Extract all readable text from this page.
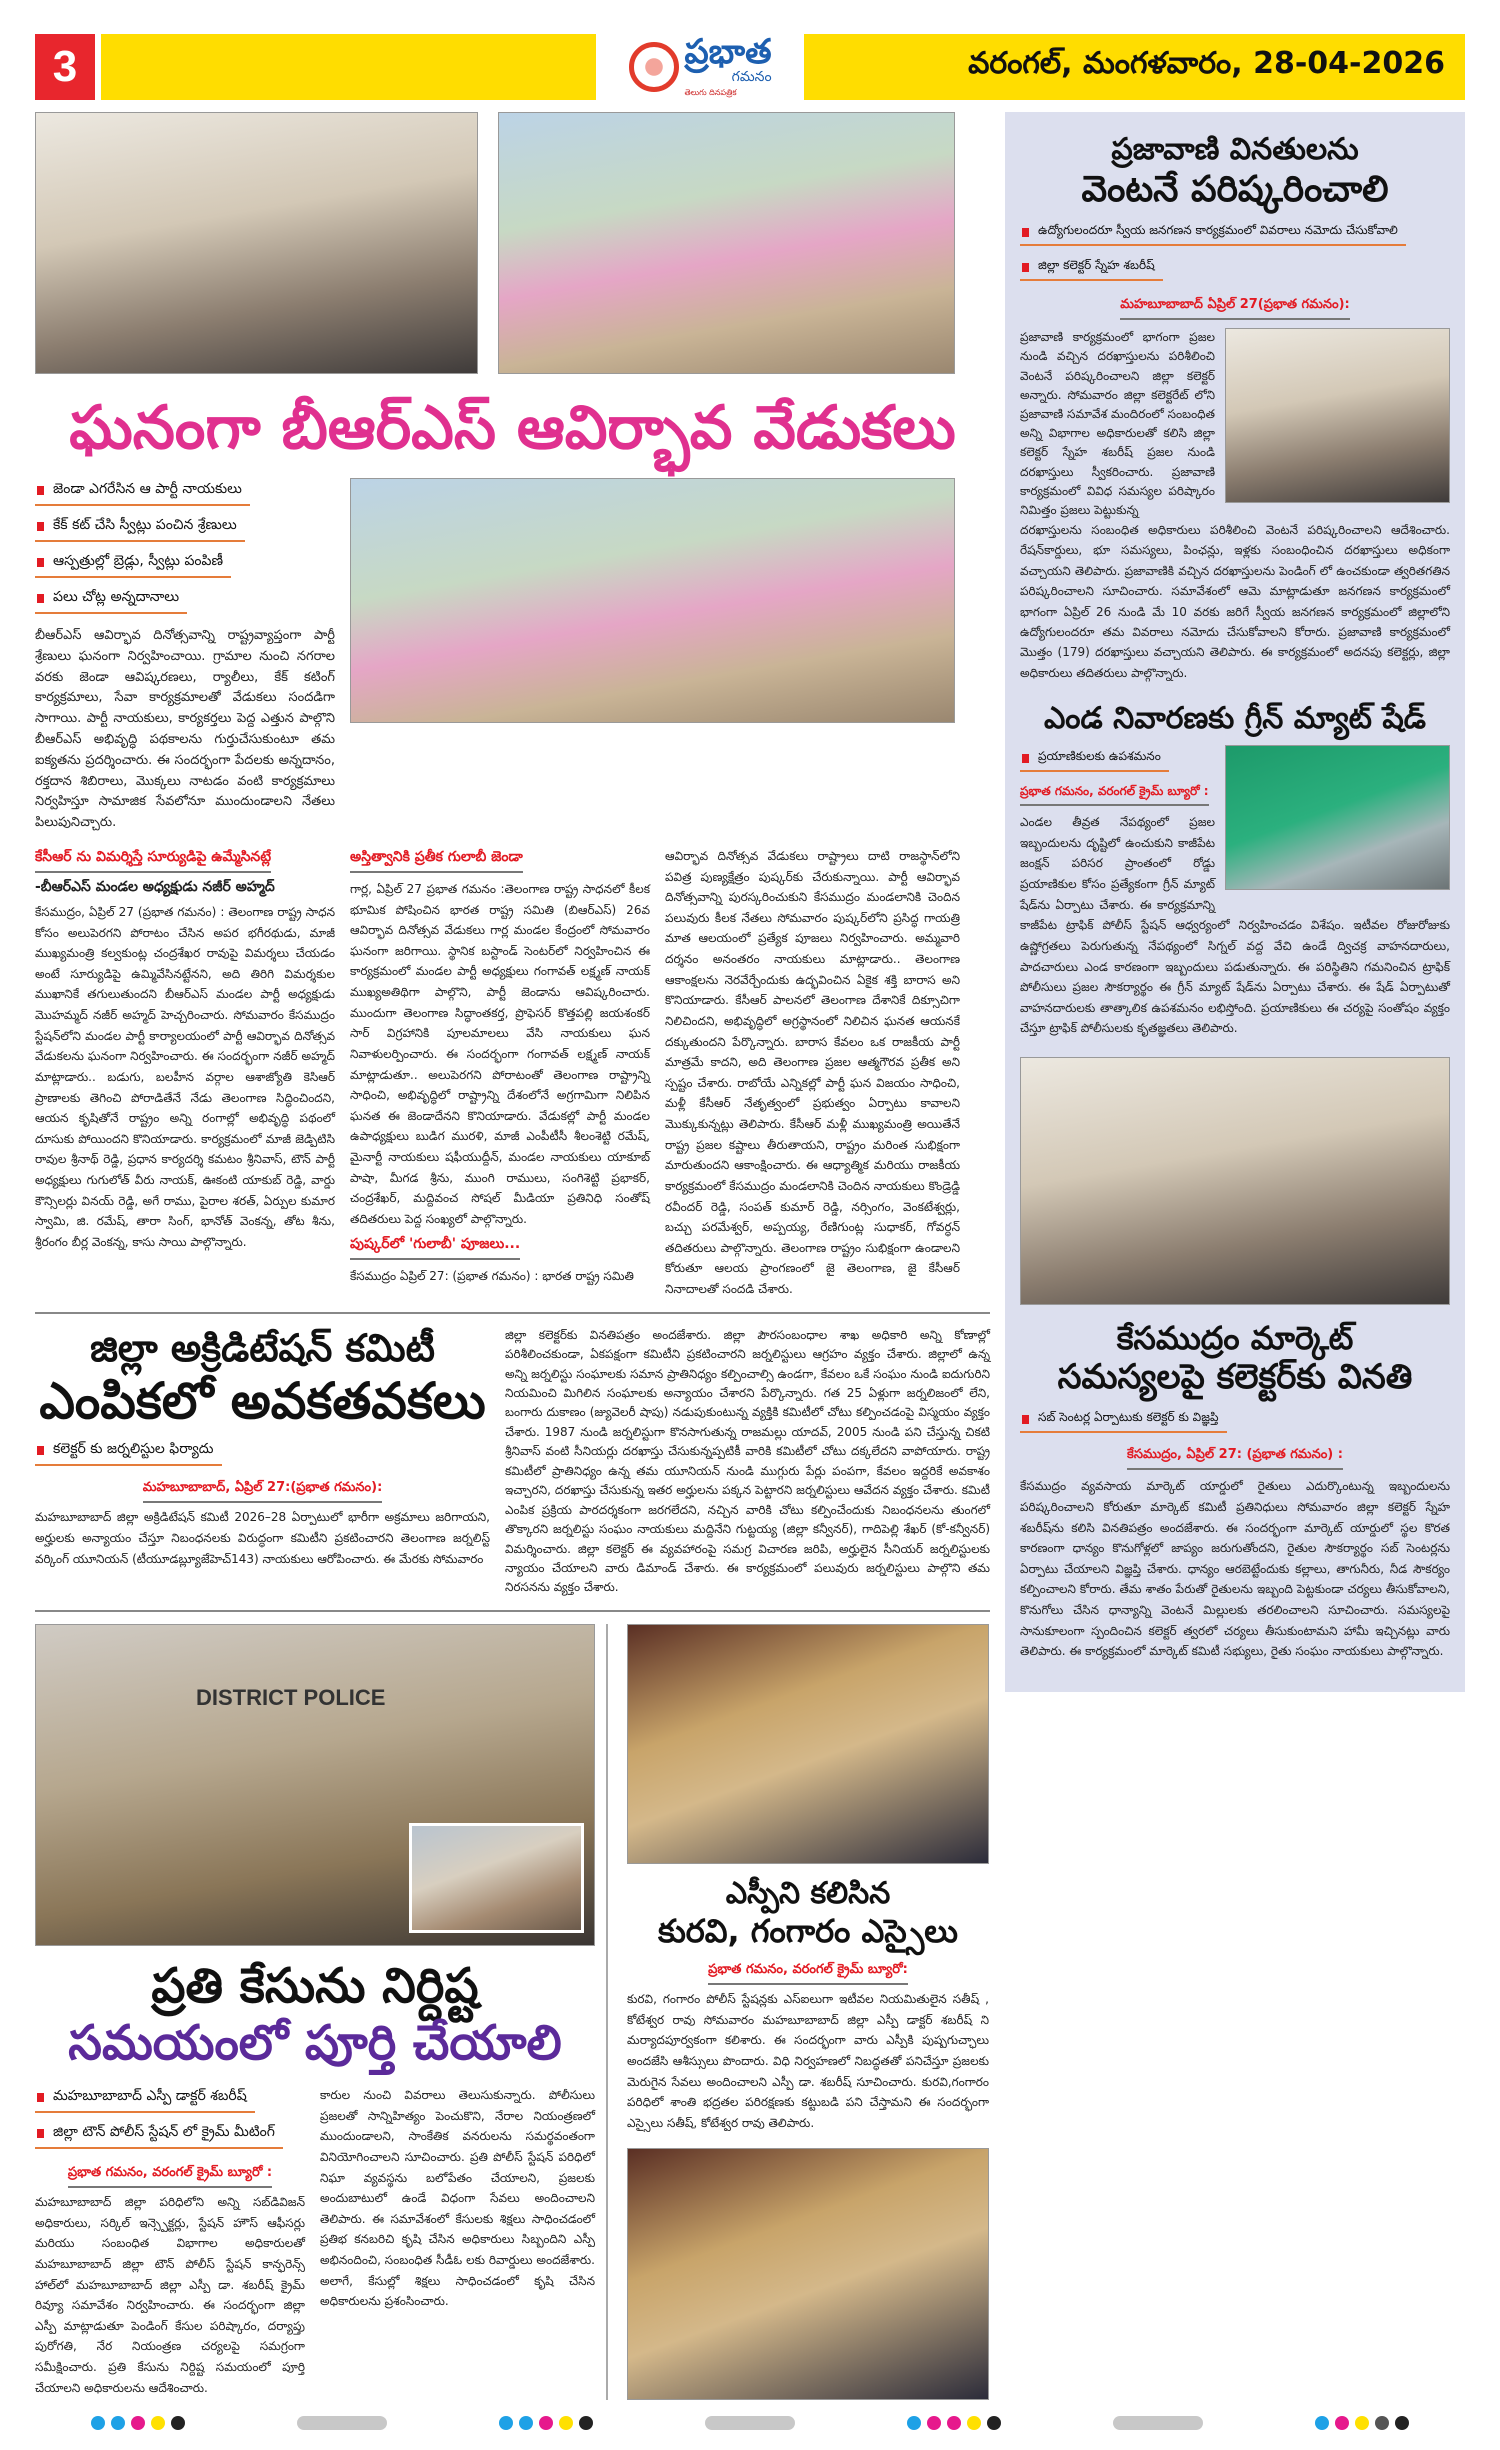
3	ప్రభాత
గమనం
తెలుగు దినపత్రిక
వరంగల్, మంగళవారం, 28-04-2026
ఘనంగా బీఆర్ఎస్ ఆవిర్భావ వేడుకలు
జెండా ఎగరేసిన ఆ పార్టీ నాయకులు
కేక్ కట్ చేసి స్వీట్లు పంచిన శ్రేణులు
ఆస్పత్రుల్లో బ్రెడ్లు, స్వీట్లు పంపిణీ
పలు చోట్ల అన్నదానాలు
బీఆర్ఎస్ ఆవిర్భావ దినోత్సవాన్ని రాష్ట్రవ్యాప్తంగా పార్టీ శ్రేణులు ఘనంగా నిర్వహించాయి. గ్రామాల నుంచి నగరాల వరకు జెండా ఆవిష్కరణలు, ర్యాలీలు, కేక్ కటింగ్ కార్యక్రమాలు, సేవా కార్యక్రమాలతో వేడుకలు సందడిగా సాగాయి. పార్టీ నాయకులు, కార్యకర్తలు పెద్ద ఎత్తున పాల్గొని బీఆర్ఎస్ అభివృద్ధి పథకాలను గుర్తుచేసుకుంటూ తమ ఐక్యతను ప్రదర్శించారు. ఈ సందర్భంగా పేదలకు అన్నదానం, రక్తదాన శిబిరాలు, మొక్కలు నాటడం వంటి కార్యక్రమాలు నిర్వహిస్తూ సామాజిక సేవలోనూ ముందుండాలని నేతలు పిలుపునిచ్చారు.
కేసీఆర్ ను విమర్శిస్తే సూర్యుడిపై ఉమ్మేసినట్లే
-బీఆర్ఎస్ మండల అధ్యక్షుడు నజీర్ అహ్మద్
కేసముద్రం, ఏప్రిల్ 27 (ప్రభాత గమనం) : తెలంగాణ రాష్ట్ర సాధన కోసం అలుపెరగని పోరాటం చేసిన అపర భగీరథుడు, మాజీ ముఖ్యమంత్రి కల్వకుంట్ల చంద్రశేఖర రావుపై విమర్శలు చేయడం అంటే సూర్యుడిపై ఉమ్మివేసినట్టేనని, అది తిరిగి విమర్శకుల ముఖానికే తగులుతుందని బీఆర్ఎస్ మండల పార్టీ అధ్యక్షుడు మొహమ్మద్ నజీర్ అహ్మద్ హెచ్చరించారు. సోమవారం కేసముద్రం స్టేషన్‌లోని మండల పార్టీ కార్యాలయంలో పార్టీ ఆవిర్భావ దినోత్సవ వేడుకలను ఘనంగా నిర్వహించారు. ఈ సందర్భంగా నజీర్ అహ్మద్ మాట్లాడారు.. బడుగు, బలహీన వర్గాల ఆశాజ్యోతి కెసిఆర్ ప్రాణాలకు తెగించి పోరాడితేనే నేడు తెలంగాణ సిద్ధించిందని, ఆయన కృషితోనే రాష్ట్రం అన్ని రంగాల్లో అభివృద్ధి పథంలో దూసుకు పోయిందని కొనియాడారు. కార్యక్రమంలో మాజీ జెడ్పిటిసి రావుల శ్రీనాథ్ రెడ్డి, ప్రధాన కార్యదర్శి కమటం శ్రీనివాస్, టౌన్ పార్టీ అధ్యక్షులు గుగులోత్ వీరు నాయక్, ఊకంటి యాకుబ్ రెడ్డి, వార్డు కౌన్సిలర్లు వినయ్ రెడ్డి, అగే రాము, పైరాల శరత్, ఏర్పుల కుమార స్వామి, జి. రమేష్, తారా సింగ్, భానోత్ వెంకన్న, తోట శీను, శ్రీరంగం బీర్ల వెంకన్న, కాసు సాయి పాల్గొన్నారు.
అస్తిత్వానికి ప్రతీక గులాబీ జెండా
గార్ల, ఏప్రిల్ 27 ప్రభాత గమనం :తెలంగాణ రాష్ట్ర సాధనలో కీలక భూమిక పోషించిన భారత రాష్ట్ర సమితి (బిఆర్ఎస్) 26వ ఆవిర్భావ దినోత్సవ వేడుకలు గార్ల మండల కేంద్రంలో సోమవారం ఘనంగా జరిగాయి. స్థానిక బస్టాండ్ సెంటర్‌లో నిర్వహించిన ఈ కార్యక్రమంలో మండల పార్టీ అధ్యక్షులు గంగావత్ లక్ష్మణ్ నాయక్ ముఖ్యఅతిథిగా పాల్గొని, పార్టీ జెండాను ఆవిష్కరించారు. ముందుగా తెలంగాణ సిద్ధాంతకర్త, ప్రొఫెసర్ కొత్తపల్లి జయశంకర్ సార్ విగ్రహానికి పూలమాలలు వేసి నాయకులు ఘన నివాళులర్పించారు. ఈ సందర్భంగా గంగావత్ లక్ష్మణ్ నాయక్ మాట్లాడుతూ.. అలుపెరగని పోరాటంతో తెలంగాణ రాష్ట్రాన్ని సాధించి, అభివృద్ధిలో రాష్ట్రాన్ని దేశంలోనే అగ్రగామిగా నిలిపిన ఘనత ఈ జెండాదేనని కొనియాడారు. వేడుకల్లో పార్టీ మండల ఉపాధ్యక్షులు బుడిగ మురళి, మాజీ ఎంపీటీసీ శీలంశెట్టి రమేష్, మైనార్టీ నాయకులు షఫీయుద్దీన్, మండల నాయకులు యాకూబ్ పాషా, మీగడ శ్రీను, ముంగి రాములు, సంగిశెట్టి ప్రభాకర్, చంద్రశేఖర్, మద్దివంచ సోషల్ మీడియా ప్రతినిధి సంతోష్ తదితరులు పెద్ద సంఖ్యలో పాల్గొన్నారు.
పుష్కర్‌లో 'గులాబీ' పూజలు...
కేసముద్రం ఏప్రిల్ 27: (ప్రభాత గమనం) : భారత రాష్ట్ర సమితి
ఆవిర్భావ దినోత్సవ వేడుకలు రాష్ట్రాలు దాటి రాజస్థాన్‌లోని పవిత్ర పుణ్యక్షేత్రం పుష్కర్‌కు చేరుకున్నాయి. పార్టీ ఆవిర్భావ దినోత్సవాన్ని పురస్కరించుకుని కేసముద్రం మండలానికి చెందిన పలువురు కీలక నేతలు సోమవారం పుష్కర్‌లోని ప్రసిద్ధ గాయత్రి మాత ఆలయంలో ప్రత్యేక పూజలు నిర్వహించారు. అమ్మవారి దర్శనం అనంతరం నాయకులు మాట్లాడారు.. తెలంగాణ ఆకాంక్షలను నెరవేర్చేందుకు ఉద్భవించిన ఏకైక శక్తి బారాస అని కొనియాడారు. కేసీఆర్ పాలనలో తెలంగాణ దేశానికే దిక్సూచిగా నిలిచిందని, అభివృద్ధిలో అగ్రస్థానంలో నిలిచిన ఘనత ఆయనకే దక్కుతుందని పేర్కొన్నారు. బారాస కేవలం ఒక రాజకీయ పార్టీ మాత్రమే కాదని, అది తెలంగాణ ప్రజల ఆత్మగౌరవ ప్రతీక అని స్పష్టం చేశారు. రాబోయే ఎన్నికల్లో పార్టీ ఘన విజయం సాధించి, మళ్లీ కేసీఆర్ నేతృత్వంలో ప్రభుత్వం ఏర్పాటు కావాలని మొక్కుకున్నట్లు తెలిపారు. కేసీఆర్ మళ్లీ ముఖ్యమంత్రి అయితేనే రాష్ట్ర ప్రజల కష్టాలు తీరుతాయని, రాష్ట్రం మరింత సుభిక్షంగా మారుతుందని ఆకాంక్షించారు. ఈ ఆధ్యాత్మిక మరియు రాజకీయ కార్యక్రమంలో కేసముద్రం మండలానికి చెందిన నాయకులు కొండ్రెడ్డి రవీందర్ రెడ్డి, సంపత్ కుమార్ రెడ్డి, నర్సింగం, వెంకటేశ్వర్లు, బచ్చు పరమేశ్వర్, అప్పయ్య, రేణిగుంట్ల సుధాకర్, గోవర్ధన్ తదితరులు పాల్గొన్నారు. తెలంగాణ రాష్ట్రం సుభిక్షంగా ఉండాలని కోరుతూ ఆలయ ప్రాంగణంలో జై తెలంగాణ, జై కేసీఆర్ నినాదాలతో సందడి చేశారు.
జిల్లా అక్రిడిటేషన్ కమిటీ
ఎంపికలో అవకతవకలు
కలెక్టర్ కు జర్నలిస్టుల ఫిర్యాదు
మహబూబాబాద్, ఏప్రిల్ 27:(ప్రభాత గమనం):
మహబూబాబాద్ జిల్లా అక్రిడిటేషన్ కమిటీ 2026–28 ఏర్పాటులో భారీగా అక్రమాలు జరిగాయని, అర్హులకు అన్యాయం చేస్తూ నిబంధనలకు విరుద్ధంగా కమిటీని ప్రకటించారని తెలంగాణ జర్నలిస్ట్ వర్కింగ్ యూనియన్ (టీయూడబ్ల్యూజేహెచ్143) నాయకులు ఆరోపించారు. ఈ మేరకు సోమవారం
జిల్లా కలెక్టర్‌కు వినతిపత్రం అందజేశారు. జిల్లా పౌరసంబంధాల శాఖ అధికారి అన్ని కోణాల్లో పరిశీలించకుండా, ఏకపక్షంగా కమిటీని ప్రకటించారని జర్నలిస్టులు ఆగ్రహం వ్యక్తం చేశారు. జిల్లాలో ఉన్న అన్ని జర్నలిస్టు సంఘాలకు సమాన ప్రాతినిధ్యం కల్పించాల్సి ఉండగా, కేవలం ఒకే సంఘం నుండి ఐదుగురిని నియమించి మిగిలిన సంఘాలకు అన్యాయం చేశారని పేర్కొన్నారు. గత 25 ఏళ్లుగా జర్నలిజంలో లేని, బంగారు దుకాణం (జ్యువెలరీ షాపు) నడుపుకుంటున్న వ్యక్తికి కమిటీలో చోటు కల్పించడంపై విస్మయం వ్యక్తం చేశారు. 1987 నుండి జర్నలిస్టుగా కొనసాగుతున్న రాజమల్లు యాదవ్, 2005 నుండి పని చేస్తున్న చికటి శ్రీనివాస్ వంటి సీనియర్లు దరఖాస్తు చేసుకున్నప్పటికీ వారికి కమిటీలో చోటు దక్కలేదని వాపోయారు. రాష్ట్ర కమిటీలో ప్రాతినిధ్యం ఉన్న తమ యూనియన్ నుండి ముగ్గురు పేర్లు పంపగా, కేవలం ఇద్దరికే అవకాశం ఇచ్చారని, దరఖాస్తు చేసుకున్న ఇతర అర్హులను పక్కన పెట్టారని జర్నలిస్టులు ఆవేదన వ్యక్తం చేశారు. కమిటీ ఎంపిక ప్రక్రియ పారదర్శకంగా జరగలేదని, నచ్చిన వారికి చోటు కల్పించేందుకు నిబంధనలను తుంగలో తొక్కారని జర్నలిస్టు సంఘం నాయకులు మద్దినేని గుట్టయ్య (జిల్లా కన్వీనర్), గాదిపెల్లి శేఖర్ (కో-కన్వీనర్) విమర్శించారు. జిల్లా కలెక్టర్ ఈ వ్యవహారంపై సమగ్ర విచారణ జరిపి, అర్హులైన సీనియర్ జర్నలిస్టులకు న్యాయం చేయాలని వారు డిమాండ్ చేశారు. ఈ కార్యక్రమంలో పలువురు జర్నలిస్టులు పాల్గొని తమ నిరసనను వ్యక్తం చేశారు.
DISTRICT POLICE
ప్రతి కేసును నిర్దిష్ట
సమయంలో పూర్తి చేయాలి
మహబూబాబాద్ ఎస్పీ డాక్టర్ శబరీష్
జిల్లా టౌన్ పోలీస్ స్టేషన్ లో క్రైమ్ మీటింగ్
ప్రభాత గమనం, వరంగల్ క్రైమ్ బ్యూరో :
మహబూబాబాద్ జిల్లా పరిధిలోని అన్ని సబ్‌డివిజన్ అధికారులు, సర్కిల్ ఇన్స్పెక్టర్లు, స్టేషన్ హౌస్ ఆఫీసర్లు మరియు సంబంధిత విభాగాల అధికారులతో మహబూబాబాద్ జిల్లా టౌన్ పోలీస్ స్టేషన్ కాన్ఫరెన్స్ హాల్‌లో మహబూబాబాద్ జిల్లా ఎస్పీ డా. శబరీష్ క్రైమ్ రివ్యూ సమావేశం నిర్వహించారు. ఈ సందర్భంగా జిల్లా ఎస్పీ మాట్లాడుతూ పెండింగ్ కేసుల పరిష్కారం, దర్యాప్తు పురోగతి, నేర నియంత్రణ చర్యలపై సమగ్రంగా సమీక్షించారు. ప్రతి కేసును నిర్దిష్ట సమయంలో పూర్తి చేయాలని అధికారులను ఆదేశించారు.
కారుల నుంచి వివరాలు తెలుసుకున్నారు. పోలీసులు ప్రజలతో సాన్నిహిత్యం పెంచుకొని, నేరాల నియంత్రణలో ముందుండాలని, సాంకేతిక వనరులను సమర్థవంతంగా వినియోగించాలని సూచించారు. ప్రతి పోలీస్ స్టేషన్ పరిధిలో నిఘా వ్యవస్థను బలోపేతం చేయాలని, ప్రజలకు అందుబాటులో ఉండే విధంగా సేవలు అందించాలని తెలిపారు. ఈ సమావేశంలో కేసులకు శిక్షలు సాధించడంలో ప్రతిభ కనబరిచి కృషి చేసిన అధికారులు సిబ్బందిని ఎస్పీ అభినందించి, సంబంధిత సీడీఓ లకు రివార్డులు అందజేశారు. అలాగే, కేసుల్లో శిక్షలు సాధించడంలో కృషి చేసిన అధికారులను ప్రశంసించారు.
ఎస్పీని కలిసిన
కురవి, గంగారం ఎస్సైలు
ప్రభాత గమనం, వరంగల్ క్రైమ్ బ్యూరో:
కురవి, గంగారం పోలీస్ స్టేషన్లకు ఎస్ఐలుగా ఇటీవల నియమితులైన సతీష్ , కోటేశ్వర రావు సోమవారం మహబూబాబాద్ జిల్లా ఎస్పీ డాక్టర్ శబరీష్ ని మర్యాదపూర్వకంగా కలిశారు. ఈ సందర్భంగా వారు ఎస్పీకి పుష్పగుచ్ఛాలు అందజేసి ఆశీస్సులు పొందారు. విధి నిర్వహణలో నిబద్ధతతో పనిచేస్తూ ప్రజలకు మెరుగైన సేవలు అందించాలని ఎస్పీ డా. శబరీష్ సూచించారు. కురవి,గంగారం పరిధిలో శాంతి భద్రతల పరిరక్షణకు కట్టుబడి పని చేస్తామని ఈ సందర్భంగా ఎస్సైలు సతీష్, కోటేశ్వర రావు తెలిపారు.
ప్రజావాణి వినతులను
వెంటనే పరిష్కరించాలి
ఉద్యోగులందరూ స్వీయ జనగణన కార్యక్రమంలో వివరాలు నమోదు చేసుకోవాలి
జిల్లా కలెక్టర్ స్నేహ శబరీష్
మహబూబాబాద్ ఏప్రిల్ 27(ప్రభాత గమనం):
ప్రజావాణి కార్యక్రమంలో భాగంగా ప్రజల నుండి వచ్చిన దరఖాస్తులను పరిశీలించి వెంటనే పరిష్కరించాలని జిల్లా కలెక్టర్ అన్నారు. సోమవారం జిల్లా కలెక్టరేట్ లోని ప్రజావాణి సమావేశ మందిరంలో సంబంధిత అన్ని విభాగాల అధికారులతో కలిసి జిల్లా కలెక్టర్ స్నేహ శబరీష్ ప్రజల నుండి దరఖాస్తులు స్వీకరించారు. ప్రజావాణి కార్యక్రమంలో వివిధ సమస్యల పరిష్కారం నిమిత్తం ప్రజలు పెట్టుకున్న
దరఖాస్తులను సంబంధిత అధికారులు పరిశీలించి వెంటనే పరిష్కరించాలని ఆదేశించారు. రేషన్‌కార్డులు, భూ సమస్యలు, పింఛన్లు, ఇళ్లకు సంబంధించిన దరఖాస్తులు అధికంగా వచ్చాయని తెలిపారు. ప్రజావాణికి వచ్చిన దరఖాస్తులను పెండింగ్ లో ఉంచకుండా త్వరితగతిన పరిష్కరించాలని సూచించారు. సమావేశంలో ఆమె మాట్లాడుతూ జనగణన కార్యక్రమంలో భాగంగా ఏప్రిల్ 26 నుండి మే 10 వరకు జరిగే స్వీయ జనగణన కార్యక్రమంలో జిల్లాలోని ఉద్యోగులందరూ తమ వివరాలు నమోదు చేసుకోవాలని కోరారు. ప్రజావాణి కార్యక్రమంలో మొత్తం (179) దరఖాస్తులు వచ్చాయని తెలిపారు. ఈ కార్యక్రమంలో అదనపు కలెక్టర్లు, జిల్లా అధికారులు తదితరులు పాల్గొన్నారు.
ఎండ నివారణకు గ్రీన్ మ్యాట్ షేడ్
ప్రయాణికులకు ఉపశమనం
ప్రభాత గమనం, వరంగల్ క్రైమ్ బ్యూరో :
ఎండల తీవ్రత నేపథ్యంలో ప్రజల ఇబ్బందులను దృష్టిలో ఉంచుకుని కాజీపేట జంక్షన్ పరిసర ప్రాంతంలో రోడ్డు ప్రయాణికుల కోసం ప్రత్యేకంగా గ్రీన్ మ్యాట్ షేడ్‌ను ఏర్పాటు చేశారు. ఈ కార్యక్రమాన్ని కాజీపేట ట్రాఫిక్ పోలీస్ స్టేషన్ ఆధ్వర్యంలో నిర్వహించడం విశేషం. ఇటీవల రోజురోజుకు ఉష్ణోగ్రతలు పెరుగుతున్న నేపథ్యంలో సిగ్నల్ వద్ద వేచి ఉండే ద్విచక్ర వాహనదారులు, పాదచారులు ఎండ కారణంగా ఇబ్బందులు పడుతున్నారు. ఈ పరిస్థితిని గమనించిన ట్రాఫిక్ పోలీసులు ప్రజల సౌకర్యార్థం ఈ గ్రీన్ మ్యాట్ షేడ్‌ను ఏర్పాటు చేశారు. ఈ షేడ్ ఏర్పాటుతో వాహనదారులకు తాత్కాలిక ఉపశమనం లభిస్తోంది. ప్రయాణికులు ఈ చర్యపై సంతోషం వ్యక్తం చేస్తూ ట్రాఫిక్ పోలీసులకు కృతజ్ఞతలు తెలిపారు.
కేసముద్రం మార్కెట్
సమస్యలపై కలెక్టర్‌కు వినతి
సబ్ సెంటర్ల ఏర్పాటుకు కలెక్టర్ కు విజ్ఞప్తి
కేసముద్రం, ఏప్రిల్ 27: (ప్రభాత గమనం) :
కేసముద్రం వ్యవసాయ మార్కెట్ యార్డులో రైతులు ఎదుర్కొంటున్న ఇబ్బందులను పరిష్కరించాలని కోరుతూ మార్కెట్ కమిటీ ప్రతినిధులు సోమవారం జిల్లా కలెక్టర్ స్నేహ శబరీష్‌ను కలిసి వినతిపత్రం అందజేశారు. ఈ సందర్భంగా మార్కెట్ యార్డులో స్థల కొరత కారణంగా ధాన్యం కొనుగోళ్లలో జాప్యం జరుగుతోందని, రైతుల సౌకర్యార్థం సబ్ సెంటర్లను ఏర్పాటు చేయాలని విజ్ఞప్తి చేశారు. ధాన్యం ఆరబెట్టేందుకు కల్లాలు, తాగునీరు, నీడ సౌకర్యం కల్పించాలని కోరారు. తేమ శాతం పేరుతో రైతులను ఇబ్బంది పెట్టకుండా చర్యలు తీసుకోవాలని, కొనుగోలు చేసిన ధాన్యాన్ని వెంటనే మిల్లులకు తరలించాలని సూచించారు. సమస్యలపై సానుకూలంగా స్పందించిన కలెక్టర్ త్వరలో చర్యలు తీసుకుంటామని హామీ ఇచ్చినట్లు వారు తెలిపారు. ఈ కార్యక్రమంలో మార్కెట్ కమిటీ సభ్యులు, రైతు సంఘం నాయకులు పాల్గొన్నారు.
